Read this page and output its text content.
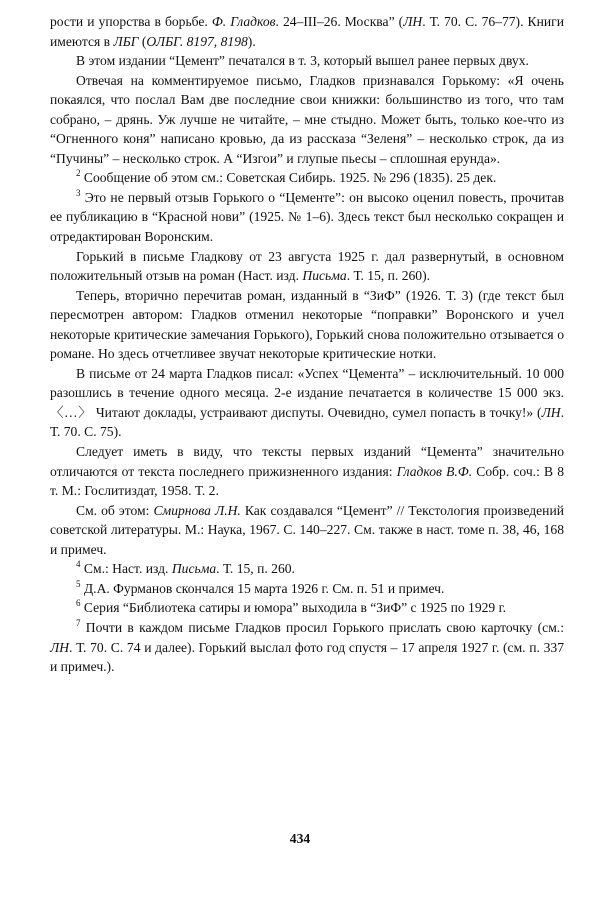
рости и упорства в борьбе. Ф. Гладков. 24–III–26. Москва” (ЛН. Т. 70. С. 76–77). Книги имеются в ЛБГ (ОЛБГ. 8197, 8198).

В этом издании “Цемент” печатался в т. 3, который вышел ранее первых двух.

Отвечая на комментируемое письмо, Гладков признавался Горькому: «Я очень покаялся, что послал Вам две последние свои книжки: большинство из того, что там собрано, – дрянь. Уж лучше не читайте, – мне стыдно. Может быть, только кое-что из “Огненного коня” написано кровью, да из рассказа “Зеленя” – несколько строк, да из “Пучины” – несколько строк. А “Изгои” и глупые пьесы – сплошная ерунда».

$^2$ Сообщение об этом см.: Советская Сибирь. 1925. № 296 (1835). 25 дек.

$^3$ Это не первый отзыв Горького о “Цементе”: он высоко оценил повесть, прочитав ее публикацию в “Красной нови” (1925. № 1–6). Здесь текст был несколько сокращен и отредактирован Воронским.

Горький в письме Гладкову от 23 августа 1925 г. дал развернутый, в основном положительный отзыв на роман (Наст. изд. Письма. Т. 15, п. 260).

Теперь, вторично перечитав роман, изданный в “ЗиФ” (1926. Т. 3) (где текст был пересмотрен автором: Гладков отменил некоторые “поправки” Воронского и учел некоторые критические замечания Горького), Горький снова положительно отзывается о романе. Но здесь отчетливее звучат некоторые критические нотки.

В письме от 24 марта Гладков писал: «Успех “Цемента” – исключительный. 10 000 разошлись в течение одного месяца. 2-е издание печатается в количестве 15 000 экз. 〈…〉 Читают доклады, устраивают диспуты. Очевидно, сумел попасть в точку!» (ЛН. Т. 70. С. 75).

Следует иметь в виду, что тексты первых изданий “Цемента” значительно отличаются от текста последнего прижизненного издания: Гладков В.Ф. Собр. соч.: В 8 т. М.: Гослитиздат, 1958. Т. 2.

См. об этом: Смирнова Л.Н. Как создавался “Цемент” // Текстология произведений советской литературы. М.: Наука, 1967. С. 140–227. См. также в наст. томе п. 38, 46, 168 и примеч.

$^4$ См.: Наст. изд. Письма. Т. 15, п. 260.

$^5$ Д.А. Фурманов скончался 15 марта 1926 г. См. п. 51 и примеч.

$^6$ Серия “Библиотека сатиры и юмора” выходила в “ЗиФ” с 1925 по 1929 г.

$^7$ Почти в каждом письме Гладков просил Горького прислать свою карточку (см.: ЛН. Т. 70. С. 74 и далее). Горький выслал фото год спустя – 17 апреля 1927 г. (см. п. 337 и примеч.).

434
